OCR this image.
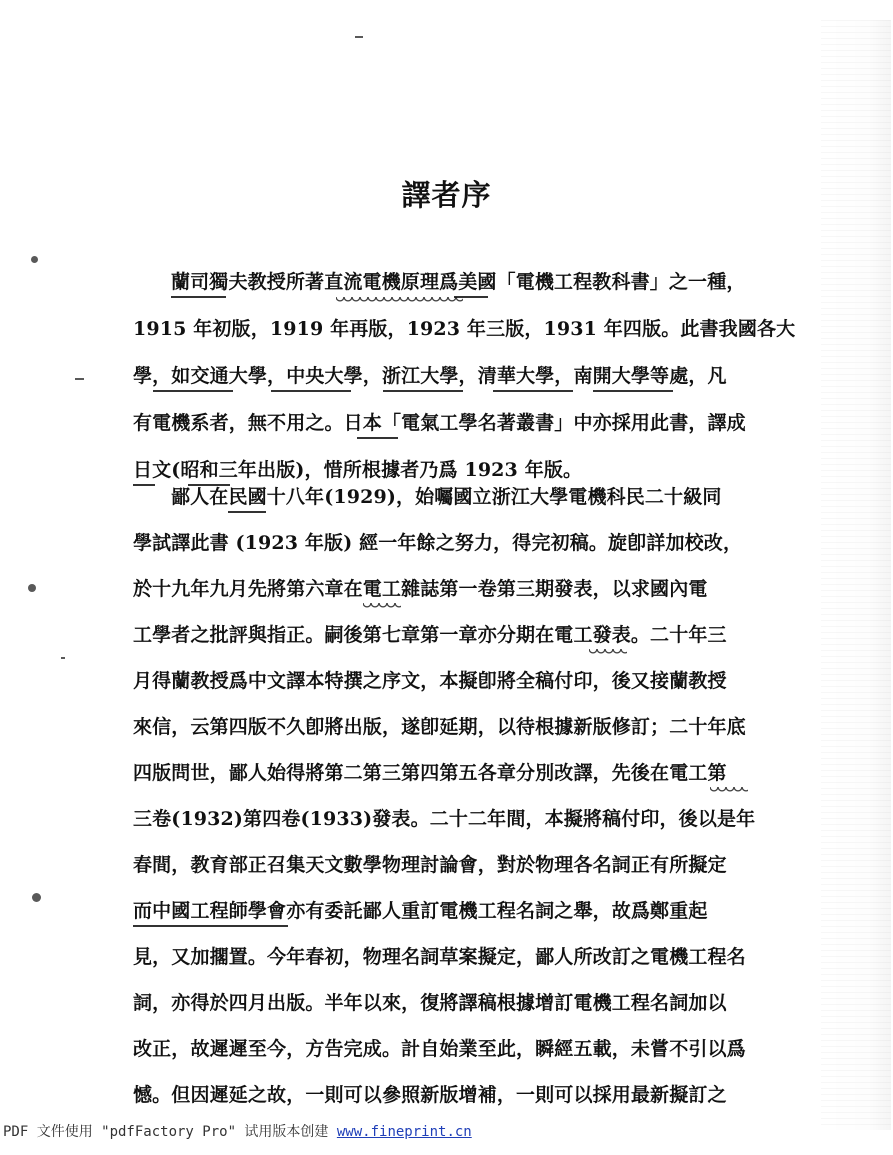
譯者序
蘭司獨夫教授所著直流電機原理爲美國「電機工程教科書」之一種，
1915 年初版，1919 年再版，1923 年三版，1931 年四版。此書我國各大
學，如交通大學，中央大學，浙江大學，清華大學，南開大學等處，凡
有電機系者，無不用之。日本「電氣工學名著叢書」中亦採用此書，譯成
日文(昭和三年出版)，惜所根據者乃爲 1923 年版。
鄙人在民國十八年(1929)，始囑國立浙江大學電機科民二十級同
學試譯此書 (1923 年版) 經一年餘之努力，得完初稿。旋卽詳加校改，
於十九年九月先將第六章在電工雜誌第一卷第三期發表，以求國內電
工學者之批評與指正。嗣後第七章第一章亦分期在電工發表。二十年三
月得蘭教授爲中文譯本特撰之序文，本擬卽將全稿付印，後又接蘭教授
來信，云第四版不久卽將出版，遂卽延期，以待根據新版修訂；二十年底
四版問世，鄙人始得將第二第三第四第五各章分別改譯，先後在電工第
三卷(1932)第四卷(1933)發表。二十二年間，本擬將稿付印，後以是年
春間，教育部正召集天文數學物理討論會，對於物理各名詞正有所擬定
而中國工程師學會亦有委託鄙人重訂電機工程名詞之舉，故爲鄭重起
見，又加擱置。今年春初，物理名詞草案擬定，鄙人所改訂之電機工程名
詞，亦得於四月出版。半年以來，復將譯稿根據增訂電機工程名詞加以
改正，故遲遲至今，方告完成。計自始業至此，瞬經五載，未嘗不引以爲
憾。但因遲延之故，一則可以參照新版增補，一則可以採用最新擬訂之
PDF 文件使用 "pdfFactory Pro" 试用版本创建 www.fineprint.cn
